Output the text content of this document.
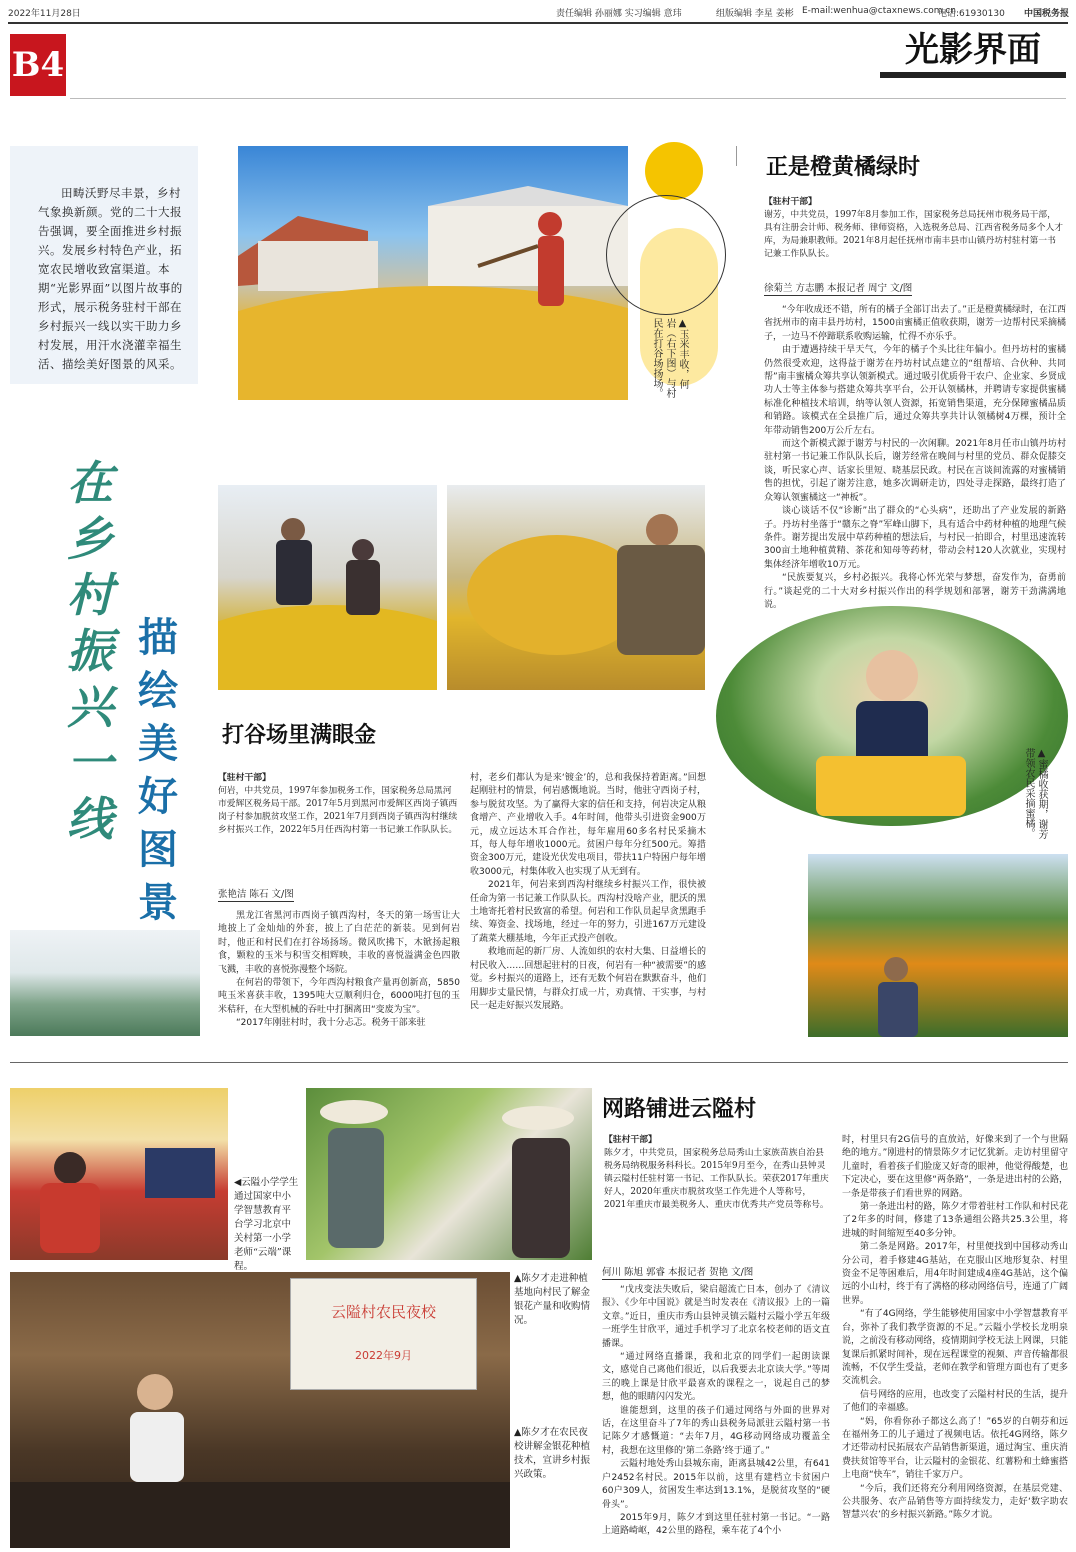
2022年11月28日	责任编辑 孙丽娜 实习编辑 意玮	组版编辑 李星 姜彬 E-mail:wenhua@ctaxnews.com.cn
电话:61930130 中国税务报
B4	光影界面
田畴沃野尽丰景，乡村气象换新颜。党的二十大报告强调，要全面推进乡村振兴。发展乡村特色产业，拓宽农民增收致富渠道。本期“光影界面”以图片故事的形式，展示税务驻村干部在乡村振兴一线以实干助力乡村发展，用汗水浇灌幸福生活、描绘美好图景的风采。
在
乡
村
振
兴
一
线
描
绘
美
好
图
景
▲玉米丰收，何岩（右下图）与村民在打谷场扬场。
打谷场里满眼金
【驻村干部】
何岩，中共党员，1997年参加税务工作，国家税务总局黑河市爱辉区税务局干部。2017年5月到黑河市爱辉区西岗子镇西岗子村参加脱贫攻坚工作，2021年7月到西岗子镇西沟村继续乡村振兴工作，2022年5月任西沟村第一书记兼工作队队长。
张艳洁 陈石 文/图

黑龙江省黑河市西岗子镇西沟村，冬天的第一场雪让大地披上了金灿灿的外套，披上了白茫茫的新装。见到何岩时，他正和村民们在打谷场扬场。微风吹拂下，木锨扬起粮食，颗粒的玉米与积雪交相辉映，丰收的喜悦溢满金色四散飞溅，丰收的喜悦弥漫整个场院。

在何岩的带领下，今年西沟村粮食产量再创新高，5850吨玉米喜获丰收，1395吨大豆顺利归仓，6000吨打包的玉米秸秆，在大型机械的吞吐中打捆离田“变废为宝”。

“2017年刚驻村时，我十分忐忑。税务干部来驻

村，老乡们都认为是来‘镀金’的，总和我保持着距离。”回想起刚驻村的情景，何岩感慨地说。当时，他驻守西岗子村，参与脱贫攻坚。为了赢得大家的信任和支持，何岩决定从粮食增产、产业增收入手。4年时间，他带头引进资金900万元，成立远达木耳合作社，每年雇用60多名村民采摘木耳，每人每年增收1000元。贫困户每年分红500元。筹措资金300万元，建设光伏发电项目，带扶11户特困户每年增收3000元，村集体收入也实现了从无到有。

2021年，何岩来到西沟村继续乡村振兴工作，很快被任命为第一书记兼工作队队长。西沟村没啥产业，肥沃的黑土地寄托着村民致富的希望。何岩和工作队员起早贪黑跑手续、筹资金、找场地，经过一年的努力，引进167万元建设了蔬菜大棚基地，今年正式投产创收。

救地而起的新厂房、人流如织的农村大集、日益增长的村民收入……回想起驻村的日夜，何岩有一种“被需要”的感觉。乡村振兴的道路上，还有无数个何岩在默默奋斗，他们用脚步丈量民情，与群众打成一片，劝真情、干实事，与村民一起走好振兴发展路。

正是橙黄橘绿时
【驻村干部】
谢芳，中共党员，1997年8月参加工作，国家税务总局抚州市税务局干部，具有注册会计师、税务师、律师资格，入选税务总局、江西省税务局多个人才库，为局兼职教师。2021年8月起任抚州市南丰县市山镇丹坊村驻村第一书记兼工作队队长。
徐菊兰 方志鹏 本报记者 周宁 文/图

“今年收成还不错，所有的橘子全部订出去了。”正是橙黄橘绿时，在江西省抚州市的南丰县丹坊村，1500亩蜜橘正值收获期，谢芳一边帮村民采摘橘子，一边马不停蹄联系收购运输，忙得不亦乐乎。

由于遭遇持续干旱天气，今年的橘子个头比往年偏小。但丹坊村的蜜橘仍然很受欢迎，这得益于谢芳在丹坊村试点建立的“组帮培、合伙种、共同帮”南丰蜜橘众筹共享认领新模式。通过吸引优质骨干农户、企业家、乡贤成功人士等主体参与搭建众筹共享平台，公开认领橘林，并聘请专家提供蜜橘标准化种植技术培训，纳等认领人资源，拓宽销售渠道，充分保障蜜橘品质和销路。该模式在全县推广后，通过众筹共享共计认领橘树4万棵，预计全年带动销售200万公斤左右。

而这个新模式源于谢芳与村民的一次闲聊。2021年8月任市山镇丹坊村驻村第一书记兼工作队队长后，谢芳经常在晚间与村里的党员、群众促膝交谈，听民家心声、话家长里短、晓基层民政。村民在言谈间流露的对蜜橘销售的担忧，引起了谢芳注意，她多次调研走访，四处寻走探路，最终打造了众筹认领蜜橘这一“神板”。

谈心谈话不仅“诊断”出了群众的“心头病”，还助出了产业发展的新路子。丹坊村坐落于“赣东之脊”军峰山脚下，具有适合中药材种植的地理气候条件。谢芳提出发展中草药种植的想法后，与村民一拍即合，村里迅速流转300亩土地种植黄精、茶花和知母等药材，带动会村120人次就业，实现村集体经济年增收10万元。

“民族要复兴，乡村必振兴。我将心怀光荣与梦想，奋发作为，奋勇前行。”谈起党的二十大对乡村振兴作出的科学规划和部署，谢芳干劲满满地说。

▲蜜橘收获期，谢芳带领农民采摘蜜橘。
◀云隘小学学生通过国家中小学智慧教育平台学习北京中关村第一小学老师“云端”课程。
云隘村农民夜校
2022年9月
▲陈夕才走进种植基地向村民了解金银花产量和收购情况。
▲陈夕才在农民夜校讲解金银花种植技术，宣讲乡村振兴政策。
网路铺进云隘村
【驻村干部】
陈夕才，中共党员，国家税务总局秀山土家族苗族自治县税务局纳税服务科科长。2015年9月至今，在秀山县钟灵镇云隘村任驻村第一书记、工作队队长。荣获2017年重庆好人，2020年重庆市脱贫攻坚工作先进个人等称号，2021年重庆市最美税务人、重庆市优秀共产党员等称号。
何川 陈旭 郭睿 本报记者 贺艳 文/图

“戊戌变法失败后，梁启超流亡日本，创办了《清议报》、《少年中国说》就是当时发表在《清议报》上的一篇文章。”近日，重庆市秀山县钟灵镇云隘村云隘小学五年级一班学生甘欣平，通过手机学习了北京名校老师的语文直播课。

“通过网络直播课，我和北京的同学们一起朗读课文，感觉自己离他们很近，以后我要去北京读大学。”等周三的晚上课是甘欣平最喜欢的课程之一，说起自己的梦想，他的眼睛闪闪发光。

谁能想到，这里的孩子们通过网络与外面的世界对话，在这里奋斗了7年的秀山县税务局派驻云隘村第一书记陈夕才感慨道：“去年7月，4G移动网络成功覆盖全村，我想在这里修的‘第二条路’终于通了。”

云隘村地处秀山县城东南，距离县城42公里，有641户2452名村民。2015年以前，这里有建档立卡贫困户60户309人，贫困发生率达到13.1%，是脱贫攻坚的“硬骨头”。

2015年9月，陈夕才到这里任驻村第一书记。“一路上道路崎岖，42公里的路程，乘车花了4个小

时，村里只有2G信号的直放站，好像来到了一个与世隔绝的地方。”刚进村的情景陈夕才记忆犹新。走访村里留守儿童时，看着孩子们脸庞又好奇的眼神，他觉得酸楚，也下定决心，要在这里修“两条路”，一条是进出村的公路，一条是带孩子们看世界的网路。

第一条进出村的路，陈夕才带着驻村工作队和村民花了2年多的时间，修建了13条通组公路共25.3公里，将进城的时间缩短至40多分钟。

第二条是网路。2017年，村里便找到中国移动秀山分公司，着手修建4G基站，在克服山区地形复杂、村里资金不足等困难后，用4年时间建成4座4G基站，这个偏远的小山村，终于有了满格的移动网络信号，连通了广阔世界。

“有了4G网络，学生能够使用国家中小学智慧教育平台，弥补了我们教学资源的不足。”云隘小学校长龙明泉说，之前没有移动网络，疫情期间学校无法上网课，只能复课后抓紧时间补，现在远程课堂的视频、声音传输都很流畅，不仅学生受益，老师在教学和管理方面也有了更多交流机会。

信号网络的应用，也改变了云隘村村民的生活，提升了他们的幸福感。

“妈，你看你孙子都这么高了！”65岁的白朝芬和远在福州务工的儿子通过了视频电话。依托4G网络，陈夕才还带动村民拓展农产品销售新渠道，通过淘宝、重庆消费扶贫馆等平台，让云隘村的金银花、红薯粉和土蜂蜜搭上电商“快车”，销往千家万户。

“今后，我们还将充分利用网络资源，在基层党建、公共服务、农产品销售等方面持续发力，走好‘数字助农 智慧兴农’的乡村振兴新路。”陈夕才说。
